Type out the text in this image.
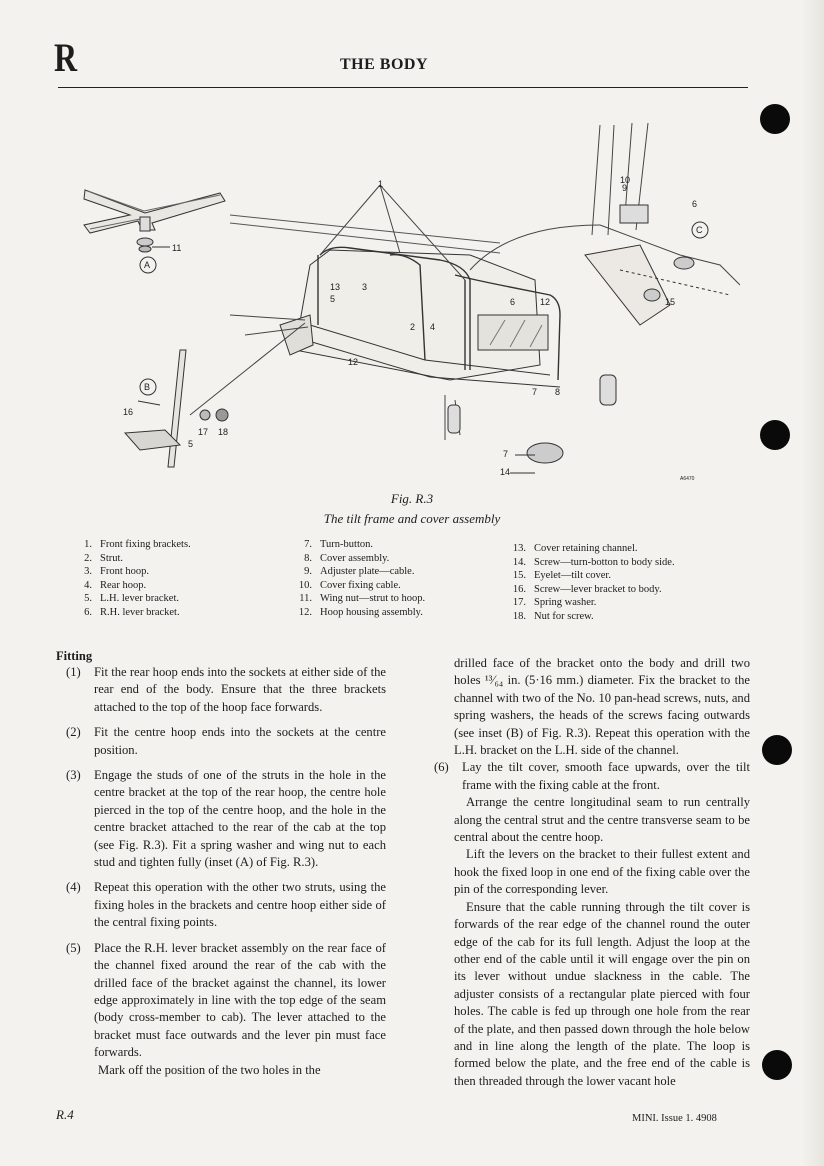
R	THE BODY
1
13
5
3
2 4
6	12
12
7 8
10
9
6
15
11
16
17 18
5
14
7
A6470
A
B
C
Fig. R.3
The tilt frame and cover assembly
1. Front fixing brackets.
2. Strut.
3. Front hoop.
4. Rear hoop.
5. L.H. lever bracket.
6. R.H. lever bracket.
7. Turn-button.
8. Cover assembly.
9. Adjuster plate—cable.
10. Cover fixing cable.
11. Wing nut—strut to hoop.
12. Hoop housing assembly.
13. Cover retaining channel.
14. Screw—turn-botton to body side.
15. Eyelet—tilt cover.
16. Screw—lever bracket to body.
17. Spring washer.
18. Nut for screw.
Fitting
(1)	Fit the rear hoop ends into the sockets at either side of the rear end of the body. Ensure that the three brackets attached to the top of the hoop face forwards.
(2)	Fit the centre hoop ends into the sockets at the centre position.
(3)	Engage the studs of one of the struts in the hole in the centre bracket at the top of the rear hoop, the centre hole pierced in the top of the centre hoop, and the hole in the centre bracket attached to the rear of the cab at the top (see Fig. R.3). Fit a spring washer and wing nut to each stud and tighten fully (inset (A) of Fig. R.3).
(4)	Repeat this operation with the other two struts, using the fixing holes in the brackets and centre hoop either side of the central fixing points.
(5)	Place the R.H. lever bracket assembly on the rear face of the channel fixed around the rear of the cab with the drilled face of the bracket against the channel, its lower edge approximately in line with the top edge of the seam (body cross-member to cab). The lever attached to the bracket must face outwards and the lever pin must face forwards.
Mark off the position of the two holes in the
drilled face of the bracket onto the body and drill two holes ¹³⁄₆₄ in. (5·16 mm.) diameter. Fix the bracket to the channel with two of the No. 10 pan-head screws, nuts, and spring washers, the heads of the screws facing outwards (see inset (B) of Fig. R.3). Repeat this operation with the L.H. bracket on the L.H. side of the channel.
(6)	Lay the tilt cover, smooth face upwards, over the tilt frame with the fixing cable at the front.
Arrange the centre longitudinal seam to run centrally along the central strut and the centre transverse seam to be central about the centre hoop.
Lift the levers on the bracket to their fullest extent and hook the fixed loop in one end of the fixing cable over the pin of the corresponding lever.
Ensure that the cable running through the tilt cover is forwards of the rear edge of the channel round the outer edge of the cab for its full length. Adjust the loop at the other end of the cable until it will engage over the pin on its lever without undue slackness in the cable. The adjuster consists of a rectangular plate pierced with four holes. The cable is fed up through one hole from the rear of the plate, and then passed down through the hole below and in line along the length of the plate. The loop is formed below the plate, and the free end of the cable is then threaded through the lower vacant hole
R.4	MINI. Issue 1. 4908
